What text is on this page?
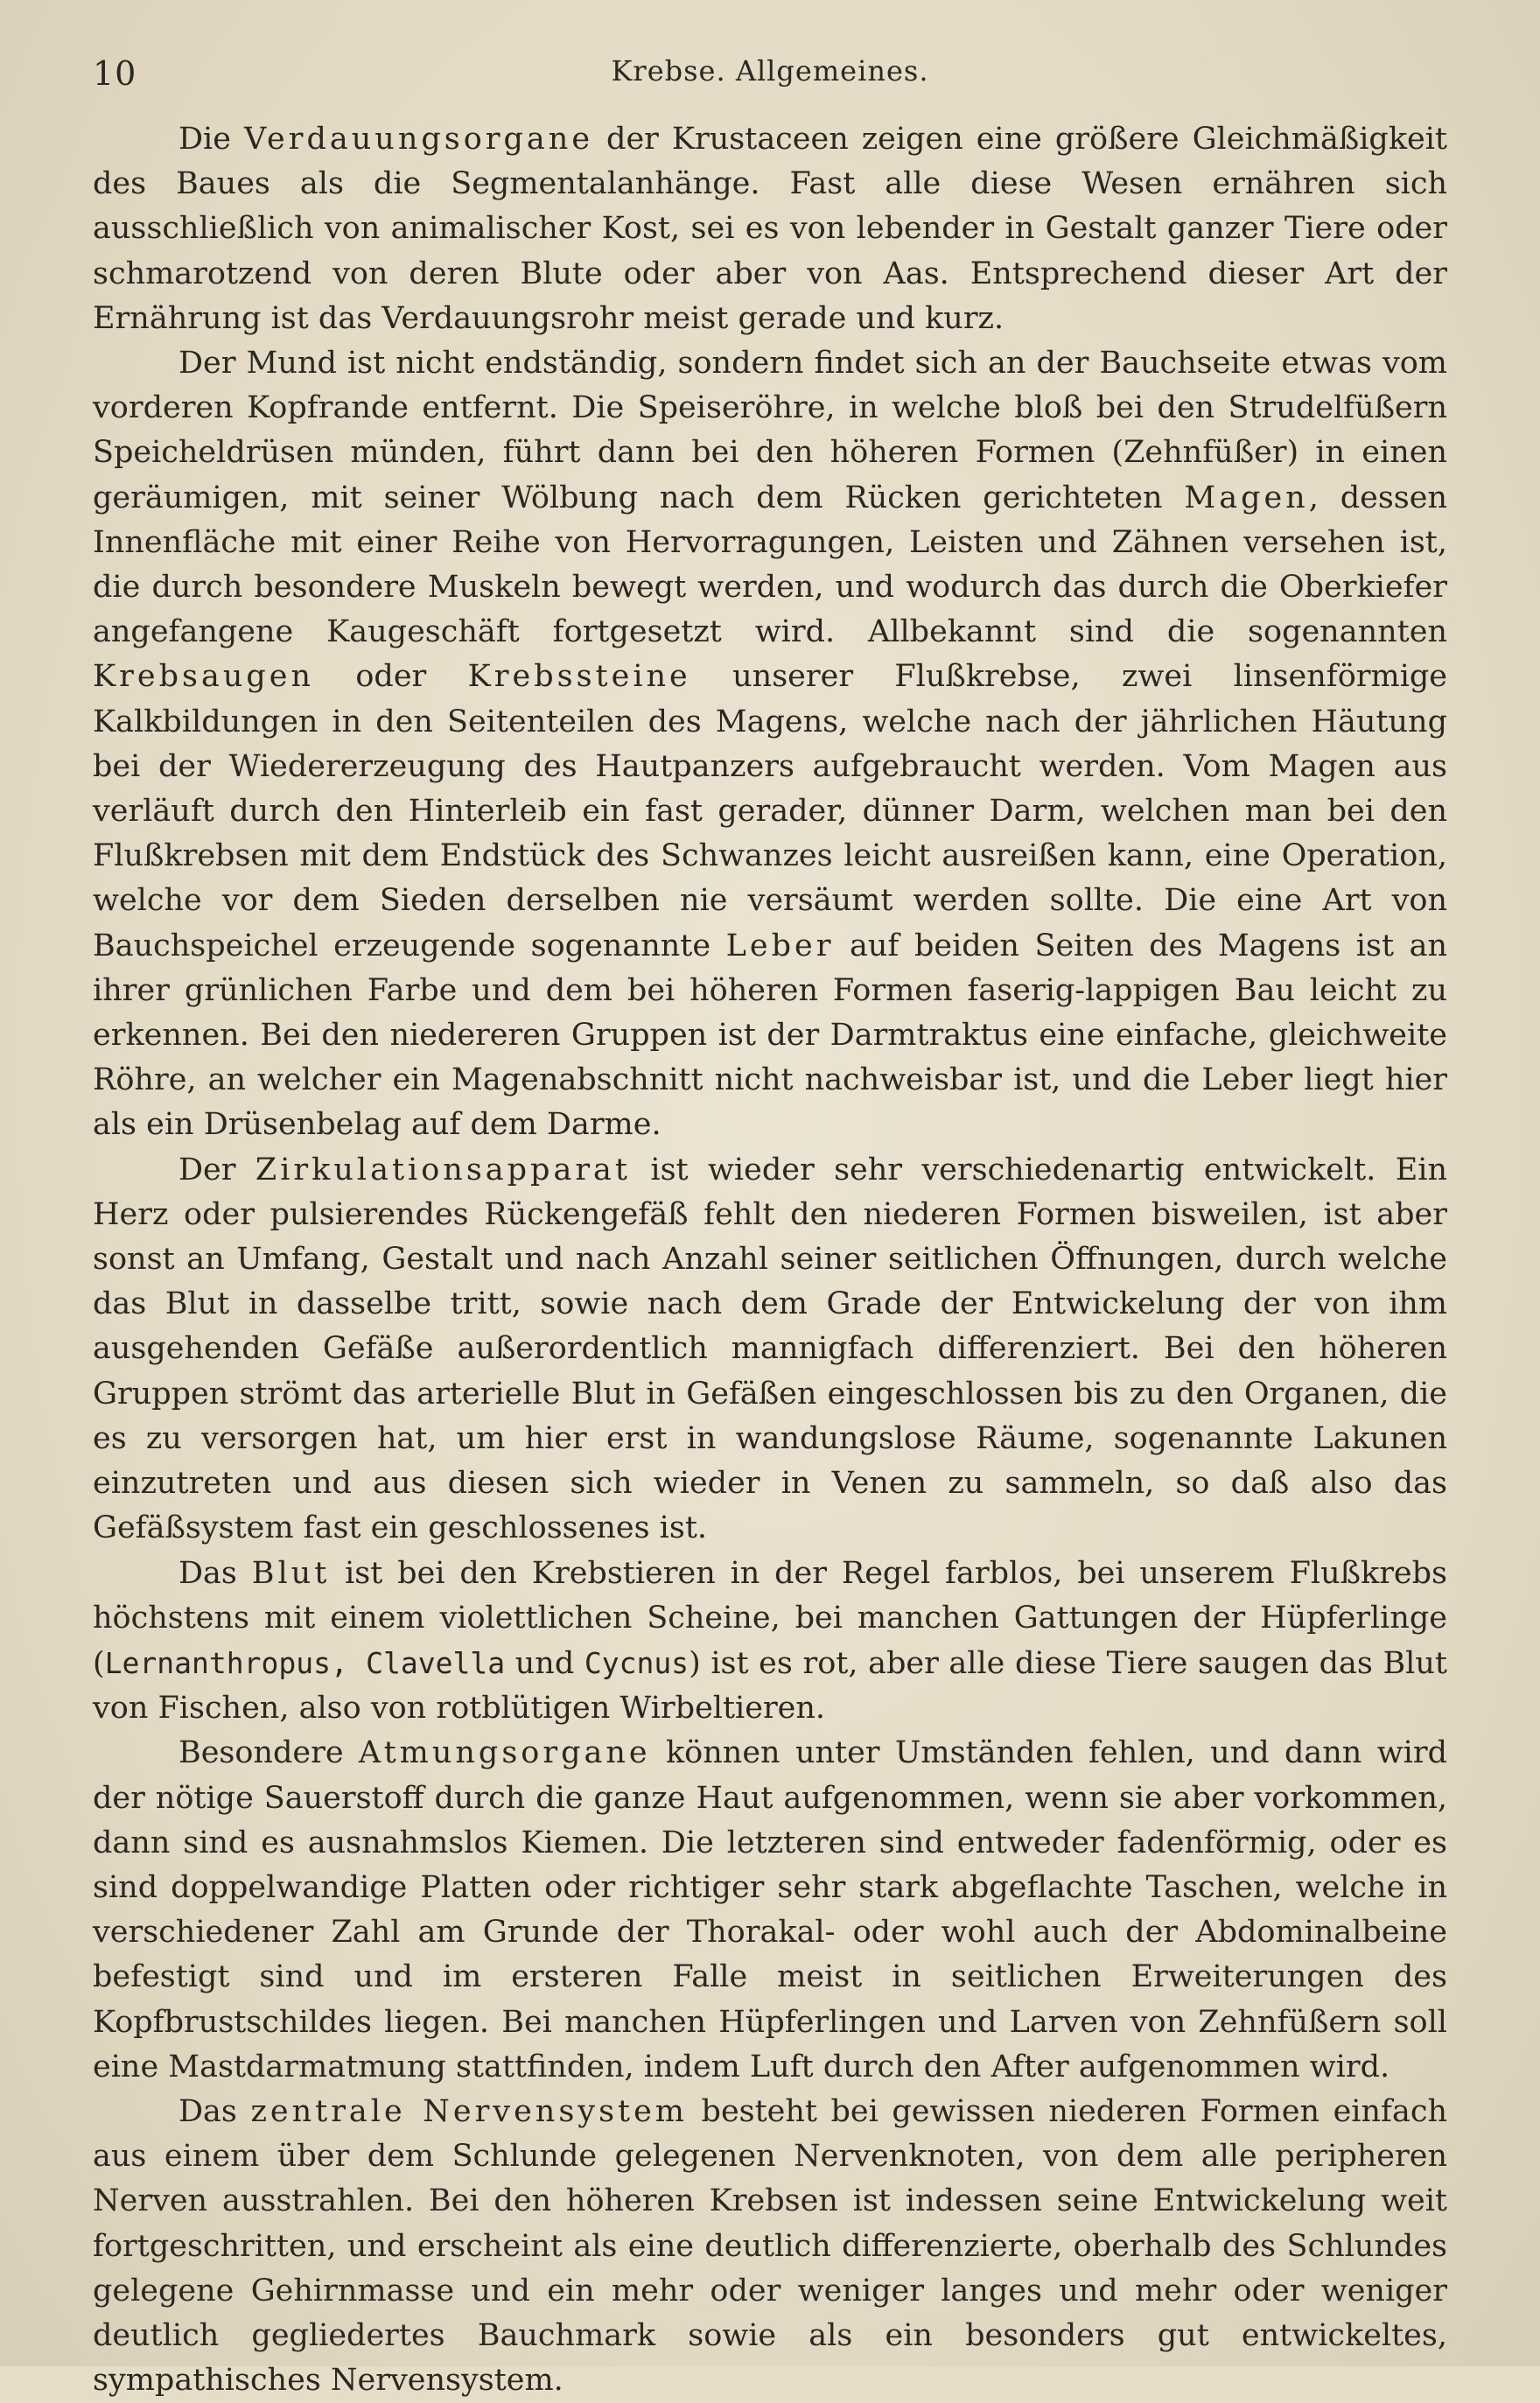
10	Krebse. Allgemeines.

Die Verdauungsorgane der Krustaceen zeigen eine größere Gleichmäßigkeit des Baues als die Segmentalanhänge. Fast alle diese Wesen ernähren sich ausschließlich von animalischer Kost, sei es von lebender in Gestalt ganzer Tiere oder schmarotzend von deren Blute oder aber von Aas. Entsprechend dieser Art der Ernährung ist das Verdauungsrohr meist gerade und kurz.

Der Mund ist nicht endständig, sondern findet sich an der Bauchseite etwas vom vorderen Kopfrande entfernt. Die Speiseröhre, in welche bloß bei den Strudelfüßern Speicheldrüsen münden, führt dann bei den höheren Formen (Zehnfüßer) in einen geräumigen, mit seiner Wölbung nach dem Rücken gerichteten Magen, dessen Innenfläche mit einer Reihe von Hervorragungen, Leisten und Zähnen versehen ist, die durch besondere Muskeln bewegt werden, und wodurch das durch die Oberkiefer angefangene Kaugeschäft fortgesetzt wird. Allbekannt sind die sogenannten Krebsaugen oder Krebssteine unserer Flußkrebse, zwei linsenförmige Kalkbildungen in den Seitenteilen des Magens, welche nach der jährlichen Häutung bei der Wiedererzeugung des Hautpanzers aufgebraucht werden. Vom Magen aus verläuft durch den Hinterleib ein fast gerader, dünner Darm, welchen man bei den Flußkrebsen mit dem Endstück des Schwanzes leicht ausreißen kann, eine Operation, welche vor dem Sieden derselben nie versäumt werden sollte. Die eine Art von Bauchspeichel erzeugende sogenannte Leber auf beiden Seiten des Magens ist an ihrer grünlichen Farbe und dem bei höheren Formen faserig-lappigen Bau leicht zu erkennen. Bei den niedereren Gruppen ist der Darmtraktus eine einfache, gleichweite Röhre, an welcher ein Magenabschnitt nicht nachweisbar ist, und die Leber liegt hier als ein Drüsenbelag auf dem Darme.

Der Zirkulationsapparat ist wieder sehr verschiedenartig entwickelt. Ein Herz oder pulsierendes Rückengefäß fehlt den niederen Formen bisweilen, ist aber sonst an Umfang, Gestalt und nach Anzahl seiner seitlichen Öffnungen, durch welche das Blut in dasselbe tritt, sowie nach dem Grade der Entwickelung der von ihm ausgehenden Gefäße außerordentlich mannigfach differenziert. Bei den höheren Gruppen strömt das arterielle Blut in Gefäßen eingeschlossen bis zu den Organen, die es zu versorgen hat, um hier erst in wandungslose Räume, sogenannte Lakunen einzutreten und aus diesen sich wieder in Venen zu sammeln, so daß also das Gefäßsystem fast ein geschlossenes ist.

Das Blut ist bei den Krebstieren in der Regel farblos, bei unserem Flußkrebs höchstens mit einem violettlichen Scheine, bei manchen Gattungen der Hüpferlinge (Lernanthropus, Clavella und Cycnus) ist es rot, aber alle diese Tiere saugen das Blut von Fischen, also von rotblütigen Wirbeltieren.

Besondere Atmungsorgane können unter Umständen fehlen, und dann wird der nötige Sauerstoff durch die ganze Haut aufgenommen, wenn sie aber vorkommen, dann sind es ausnahmslos Kiemen. Die letzteren sind entweder fadenförmig, oder es sind doppelwandige Platten oder richtiger sehr stark abgeflachte Taschen, welche in verschiedener Zahl am Grunde der Thorakal- oder wohl auch der Abdominalbeine befestigt sind und im ersteren Falle meist in seitlichen Erweiterungen des Kopfbrustschildes liegen. Bei manchen Hüpferlingen und Larven von Zehnfüßern soll eine Mastdarmatmung stattfinden, indem Luft durch den After aufgenommen wird.

Das zentrale Nervensystem besteht bei gewissen niederen Formen einfach aus einem über dem Schlunde gelegenen Nervenknoten, von dem alle peripheren Nerven ausstrahlen. Bei den höheren Krebsen ist indessen seine Entwickelung weit fortgeschritten, und erscheint als eine deutlich differenzierte, oberhalb des Schlundes gelegene Gehirnmasse und ein mehr oder weniger langes und mehr oder weniger deutlich gegliedertes Bauchmark sowie als ein besonders gut entwickeltes, sympathisches Nervensystem.
